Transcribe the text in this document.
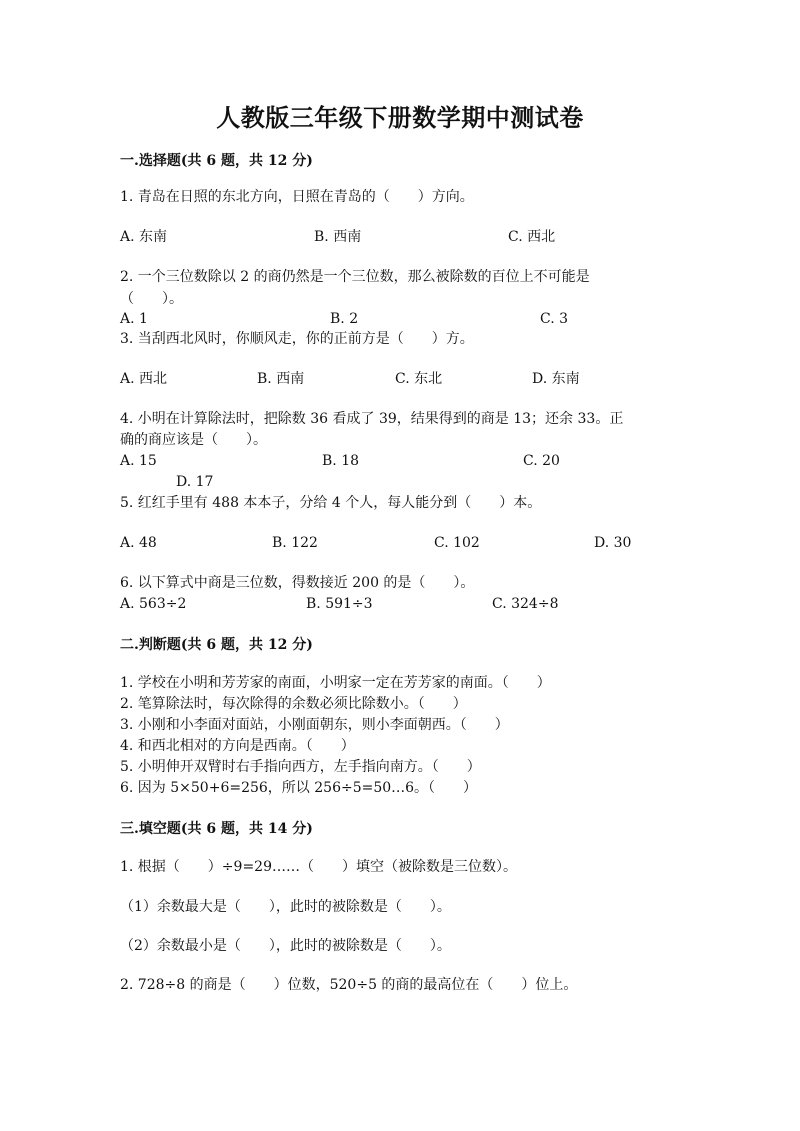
人教版三年级下册数学期中测试卷
一.选择题(共 6 题，共 12 分)
1. 青岛在日照的东北方向，日照在青岛的（　　）方向。
A. 东南	B. 西南	C. 西北
2. 一个三位数除以 2 的商仍然是一个三位数，那么被除数的百位上不可能是
（　　）。
A. 1	B. 2	C. 3
3. 当刮西北风时，你顺风走，你的正前方是（　　）方。
A. 西北	B. 西南	C. 东北	D. 东南
4. 小明在计算除法时，把除数 36 看成了 39，结果得到的商是 13；还余 33。正
确的商应该是（　　）。
A. 15	B. 18	C. 20
D. 17
5. 红红手里有 488 本本子，分给 4 个人，每人能分到（　　）本。
A. 48	B. 122	C. 102	D. 30
6. 以下算式中商是三位数，得数接近 200 的是（　　）。
A. 563÷2	B. 591÷3	C. 324÷8
二.判断题(共 6 题，共 12 分)
1. 学校在小明和芳芳家的南面，小明家一定在芳芳家的南面。（　　）
2. 笔算除法时，每次除得的余数必须比除数小。（　　）
3. 小刚和小李面对面站，小刚面朝东，则小李面朝西。（　　）
4. 和西北相对的方向是西南。（　　）
5. 小明伸开双臂时右手指向西方，左手指向南方。（　　）
6. 因为 5×50+6=256，所以 256÷5=50…6。（　　）
三.填空题(共 6 题，共 14 分)
1. 根据（　　）÷9=29……（　　）填空（被除数是三位数）。
（1）余数最大是（　　），此时的被除数是（　　）。
（2）余数最小是（　　），此时的被除数是（　　）。
2. 728÷8 的商是（　　）位数，520÷5 的商的最高位在（　　）位上。
